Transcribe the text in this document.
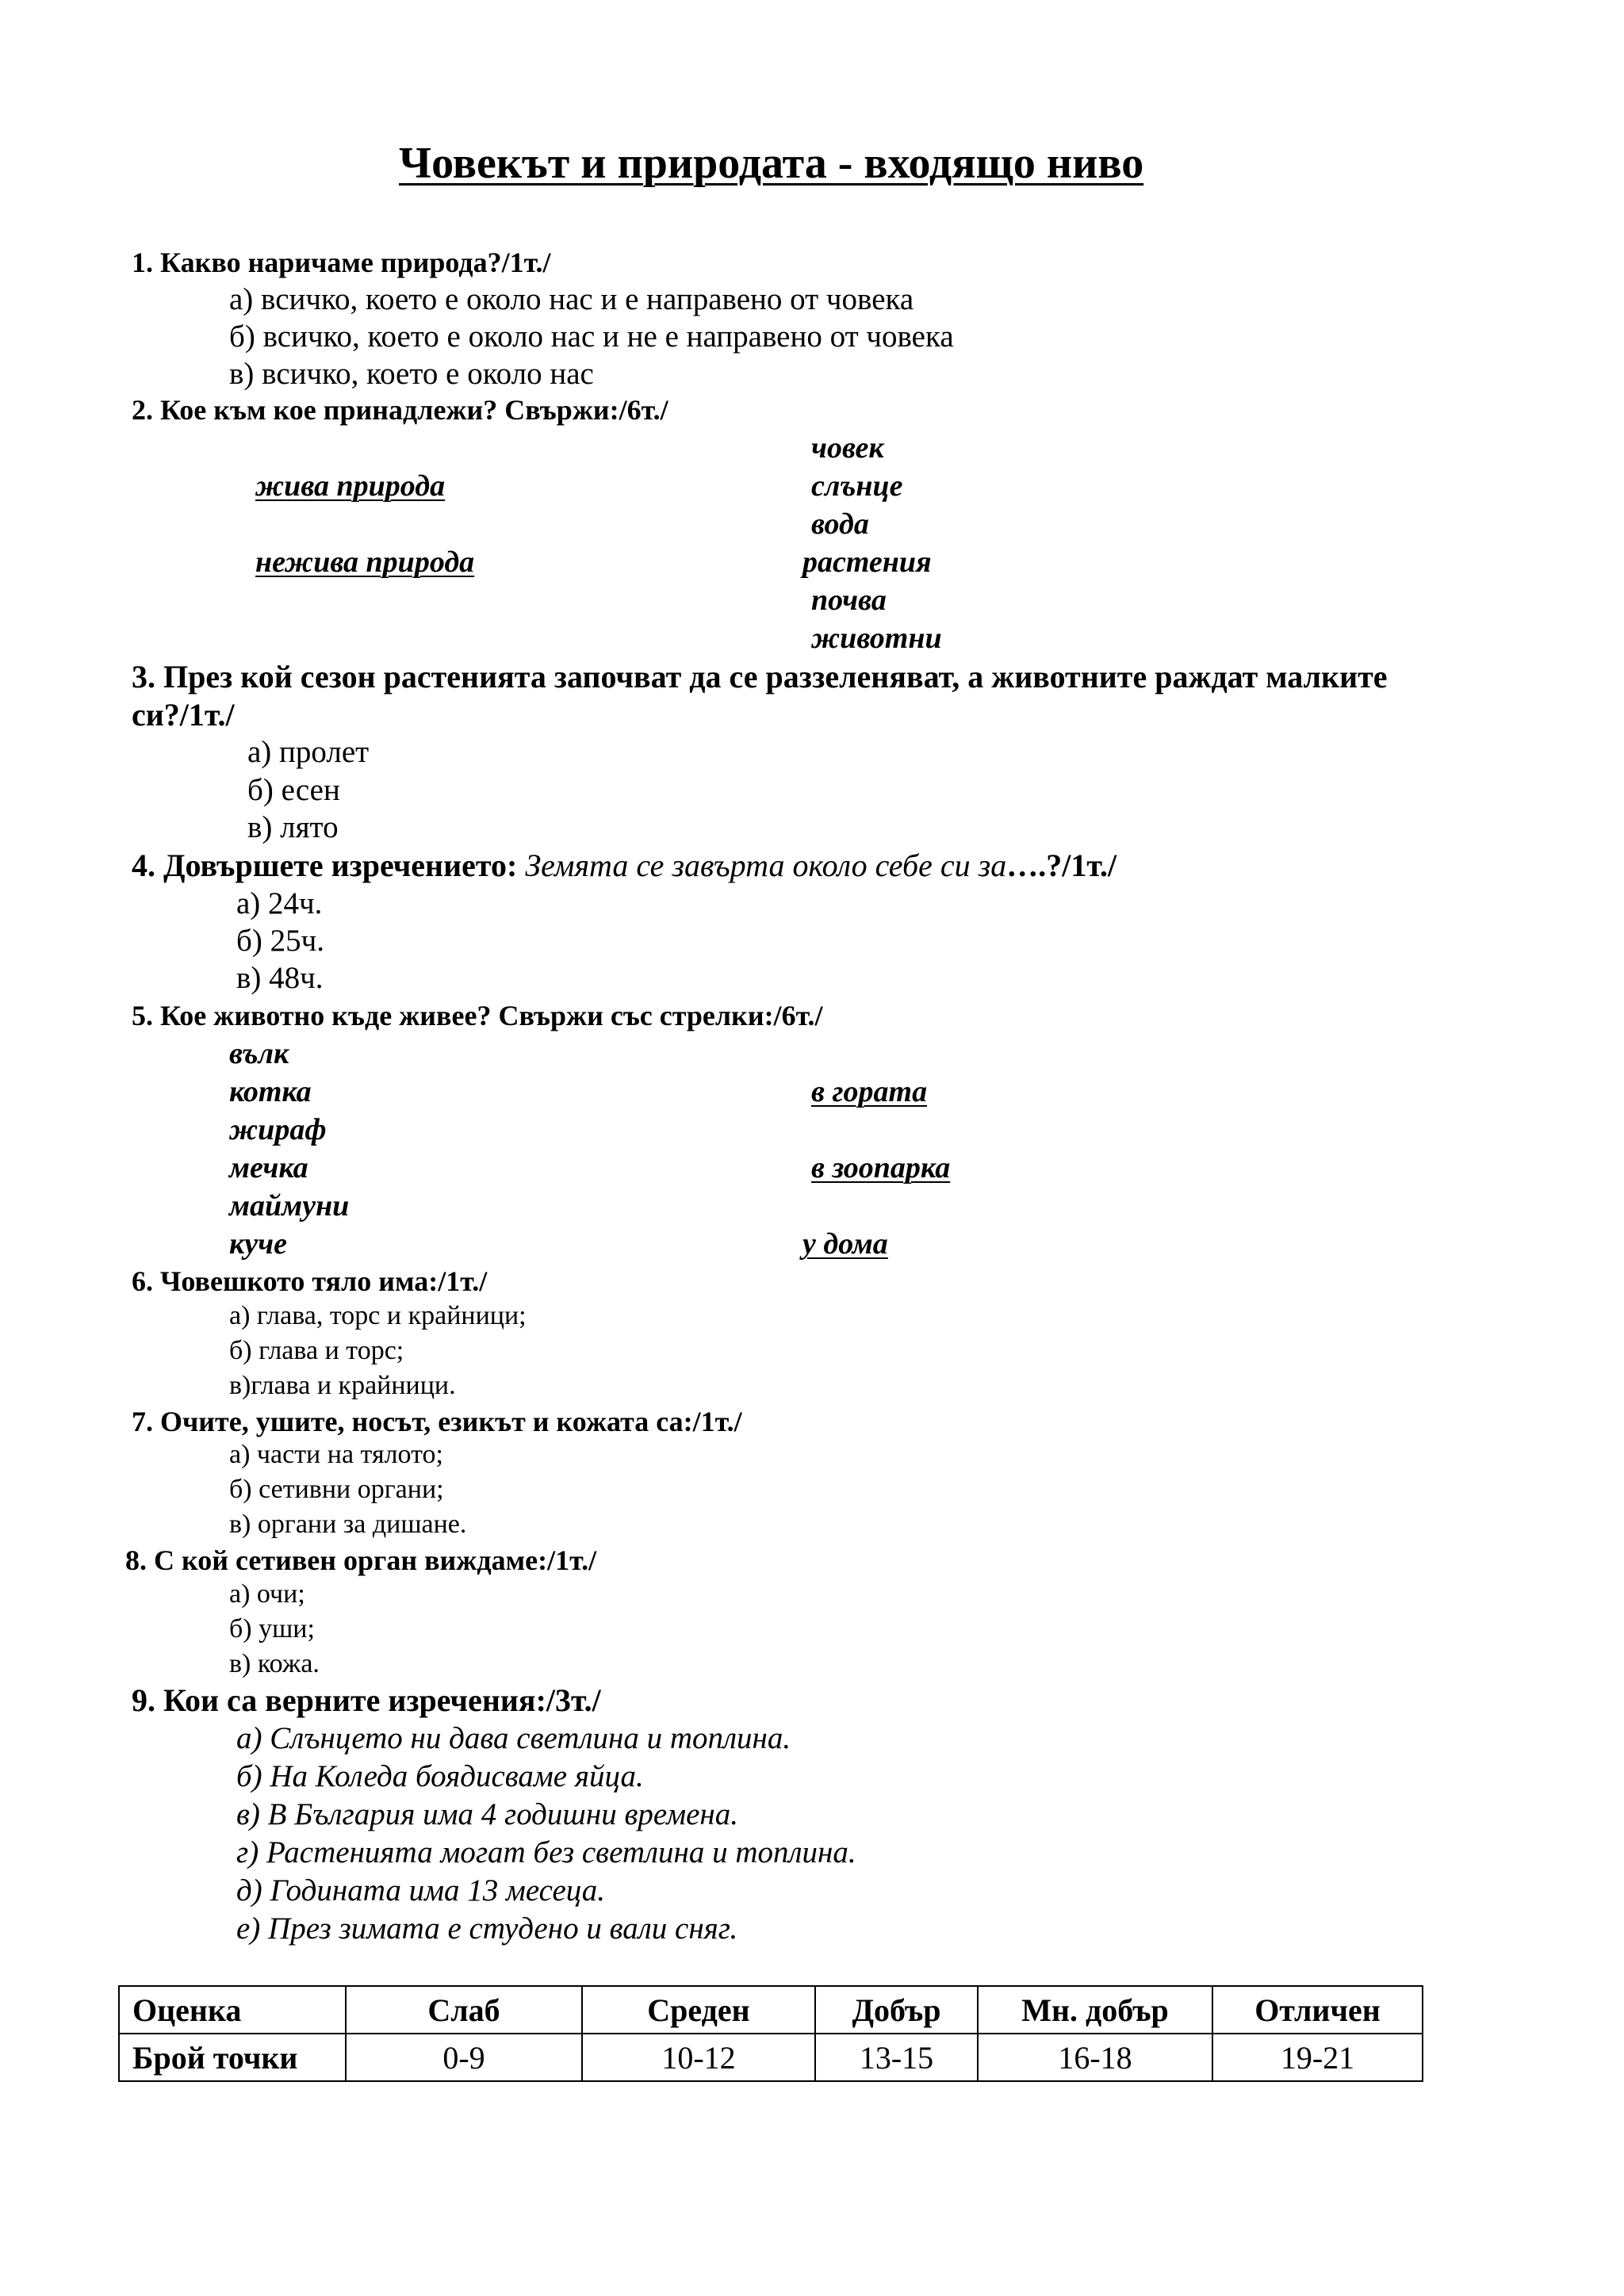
Човекът и природата - входящо ниво
1. Какво наричаме природа?/1т./
а) всичко, което е около нас и е направено от човека
б) всичко, което е около нас и не е направено от човека
в) всичко, което е около нас
2. Кое към кое принадлежи? Свържи:/6т./
човек
жива природа	слънце
вода
нежива природа	растения
почва
животни
3. През кой сезон растенията започват да се раззеленяват, а животните раждат малките
си?/1т./
а) пролет
б) есен
в) лято
4. Довършете изречението: Земята се завърта около себе си за….?/1т./
а) 24ч.
б) 25ч.
в) 48ч.
5. Кое животно къде живее? Свържи със стрелки:/6т./
вълк
котка	в гората
жираф
мечка	в зоопарка
маймуни
куче	у дома
6. Човешкото тяло има:/1т./
а) глава, торс и крайници;
б) глава и торс;
в)глава и крайници.
7. Очите, ушите, носът, езикът и кожата са:/1т./
а) части на тялото;
б) сетивни органи;
в) органи за дишане.
8. С кой сетивен орган виждаме:/1т./
а) очи;
б) уши;
в) кожа.
9. Кои са верните изречения:/3т./
а) Слънцето ни дава светлина и топлина.
б) На Коледа боядисваме яйца.
в) В България има 4 годишни времена.
г) Растенията могат без светлина и топлина.
д) Годината има 13 месеца.
е) През зимата е студено и вали сняг.
Оценка	Слаб	Среден	Добър	Мн. добър	Отличен
Брой точки	0-9	10-12	13-15	16-18	19-21
